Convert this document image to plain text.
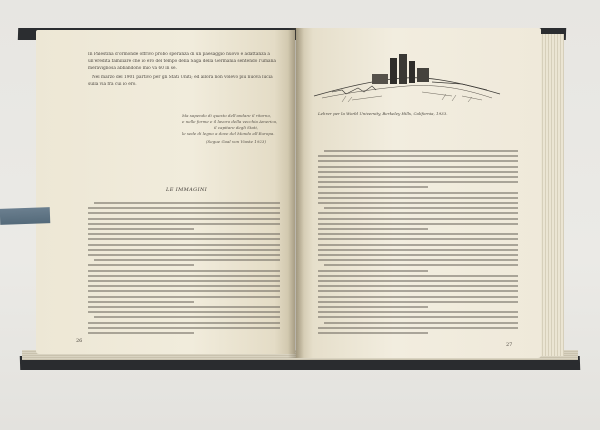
In Palestina d'ormonde offrivo probo speranza di un paesaggio nuovo e adattanza a
un'eredità familiare che io ero del tempo della Saga della Germania sentendo l'umana
meravigliosa abbandono mio va 60 in sé.
Nel marzo del 1901 partivo per gli Stati Uniti; ed allora non volevo più nuova lucia
sulla via fra cui io ero.
Ma sapendo di questo dell'andare il ritorno,
e nelle forme e il lavoro della vecchia America,
il capitare degli Stati,
le sede di legno a dove del Mondo all'Europa.
(Segue Goal von Viaste 1923)
LE IMMAGINI
26
27
Lehrer per la World University, Berkeley Hills, California, 1933.
